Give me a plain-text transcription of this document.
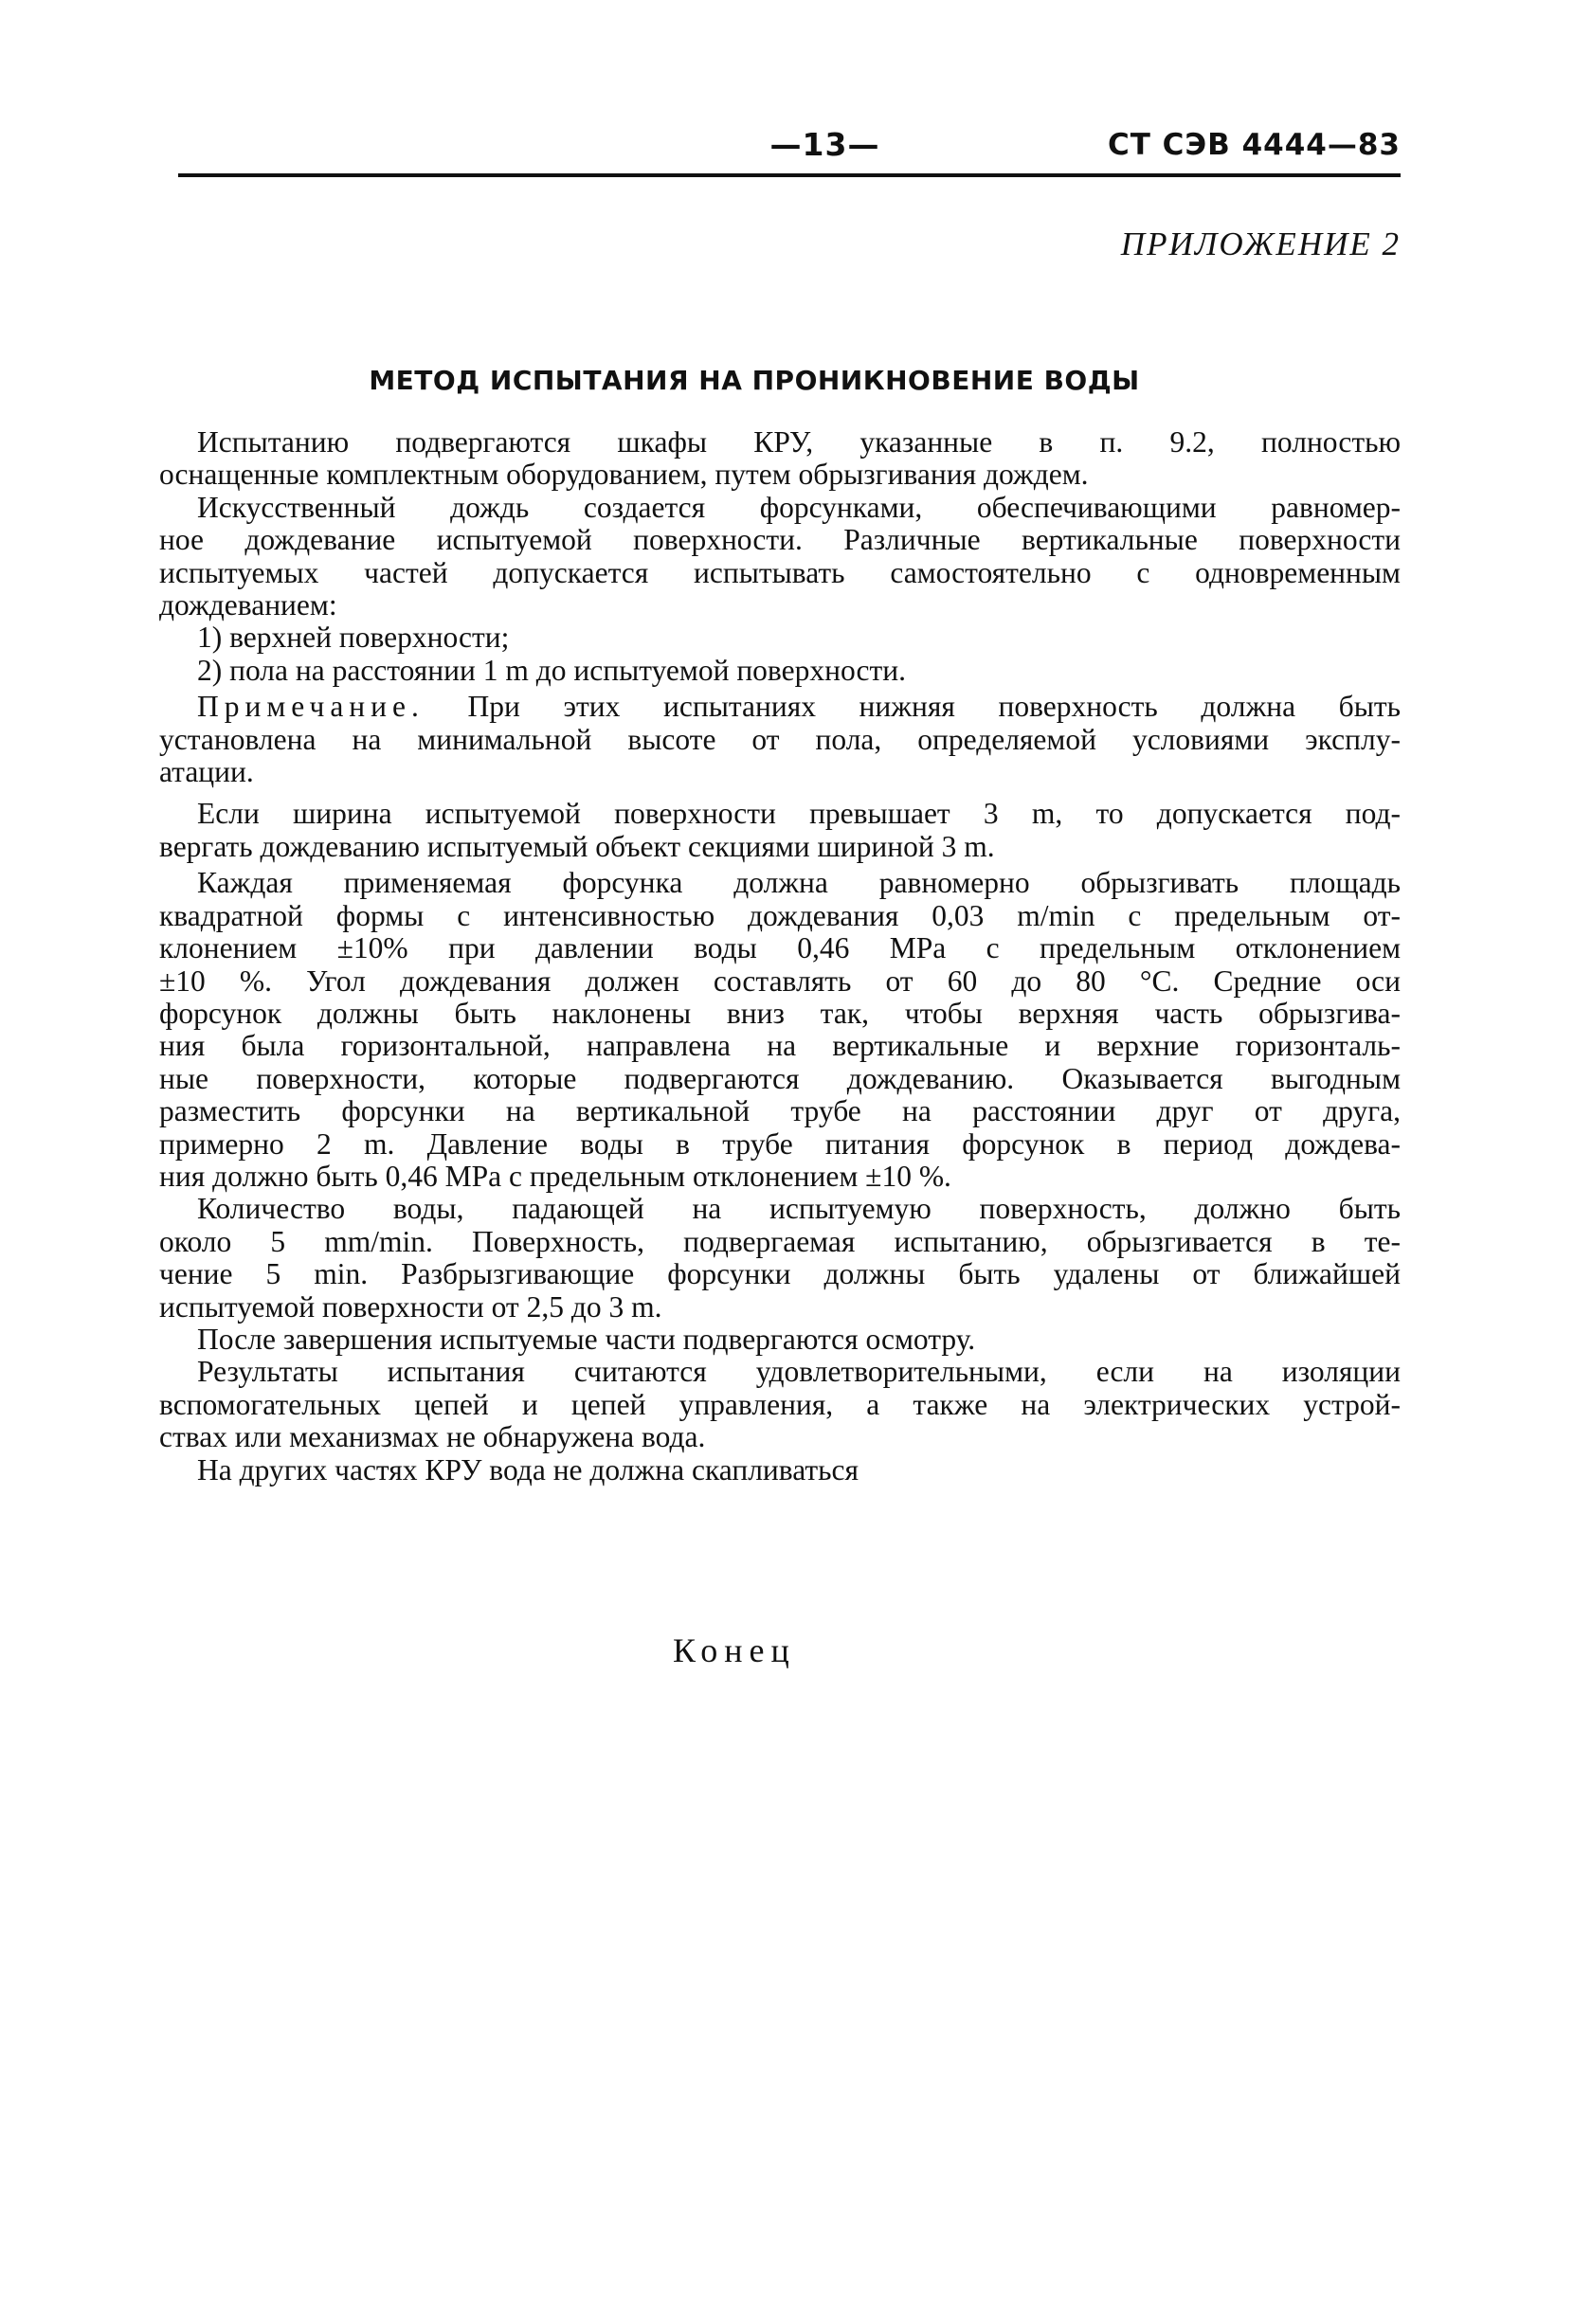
—13—	СТ СЭВ 4444—83
ПРИЛОЖЕНИЕ 2
МЕТОД ИСПЫТАНИЯ НА ПРОНИКНОВЕНИЕ ВОДЫ
Испытанию подвергаются шкафы КРУ, указанные в п. 9.2, полностью
оснащенные комплектным оборудованием, путем обрызгивания дождем.
Искусственный дождь создается форсунками, обеспечивающими равномер-
ное дождевание испытуемой поверхности. Различные вертикальные поверхности
испытуемых частей допускается испытывать самостоятельно с одновременным
дождеванием:
1) верхней поверхности;
2) пола на расстоянии 1 m до испытуемой поверхности.
Примечание. При этих испытаниях нижняя поверхность должна быть
установлена на минимальной высоте от пола, определяемой условиями эксплу-
атации.
Если ширина испытуемой поверхности превышает 3 m, то допускается под-
вергать дождеванию испытуемый объект секциями шириной 3 m.
Каждая применяемая форсунка должна равномерно обрызгивать площадь
квадратной формы с интенсивностью дождевания 0,03 m/min с предельным от-
клонением ±10% при давлении воды 0,46 MPa с предельным отклонением
±10 %. Угол дождевания должен составлять от 60 до 80 °С. Средние оси
форсунок должны быть наклонены вниз так, чтобы верхняя часть обрызгива-
ния была горизонтальной, направлена на вертикальные и верхние горизонталь-
ные поверхности, которые подвергаются дождеванию. Оказывается выгодным
разместить форсунки на вертикальной трубе на расстоянии друг от друга,
примерно 2 m. Давление воды в трубе питания форсунок в период дождева-
ния должно быть 0,46 MPa с предельным отклонением ±10 %.
Количество воды, падающей на испытуемую поверхность, должно быть
около 5 mm/min. Поверхность, подвергаемая испытанию, обрызгивается в те-
чение 5 min. Разбрызгивающие форсунки должны быть удалены от ближайшей
испытуемой поверхности от 2,5 до 3 m.
После завершения испытуемые части подвергаются осмотру.
Результаты испытания считаются удовлетворительными, если на изоляции
вспомогательных цепей и цепей управления, а также на электрических устрой-
ствах или механизмах не обнаружена вода.
На других частях КРУ вода не должна скапливаться
Конец
